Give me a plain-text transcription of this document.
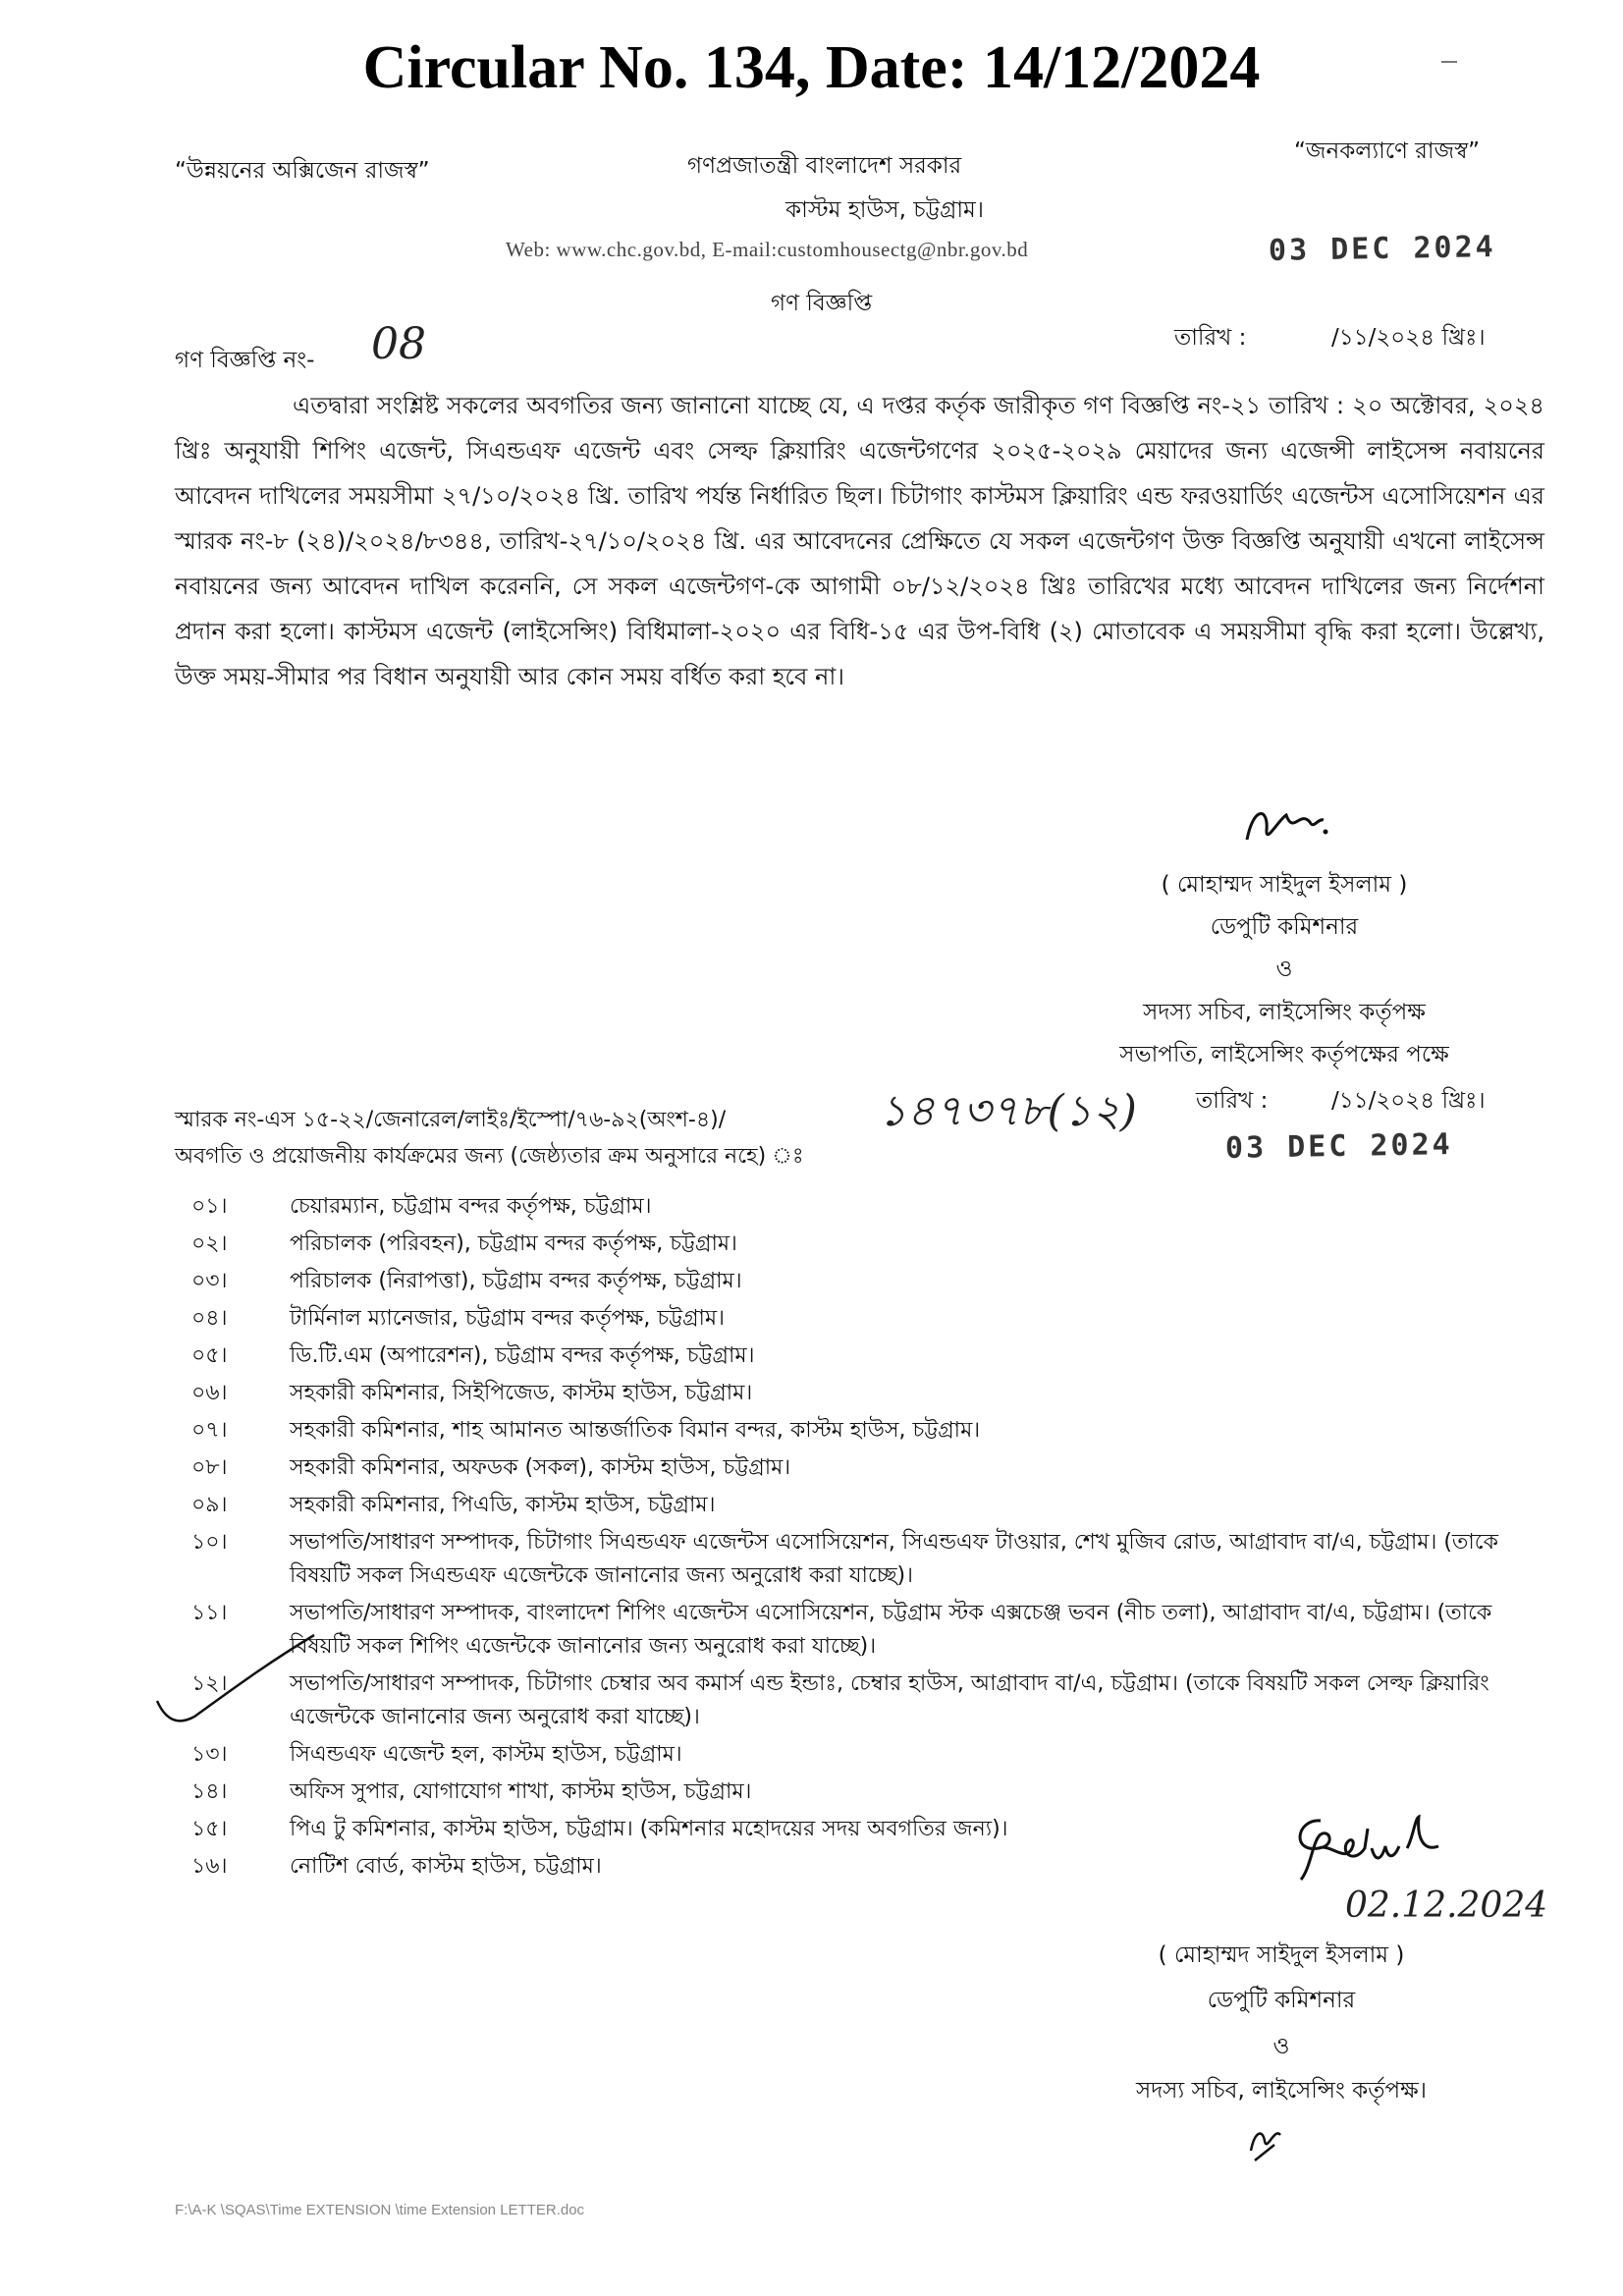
Circular No. 134, Date: 14/12/2024
“উন্নয়নের অক্সিজেন রাজস্ব”	গণপ্রজাতন্ত্রী বাংলাদেশ সরকার
কাস্টম হাউস, চট্টগ্রাম।
“জনকল্যাণে রাজস্ব”
Web: www.chc.gov.bd, E-mail:customhousectg@nbr.gov.bd	03 DEC 2024
গণ বিজ্ঞপ্তি
গণ বিজ্ঞপ্তি নং- 08	তারিখ :	/১১/২০২৪ খ্রিঃ।
এতদ্বারা সংশ্লিষ্ট সকলের অবগতির জন্য জানানো যাচ্ছে যে, এ দপ্তর কর্তৃক জারীকৃত গণ বিজ্ঞপ্তি নং-২১ তারিখ : ২০ অক্টোবর, ২০২৪ খ্রিঃ অনুযায়ী শিপিং এজেন্ট, সিএন্ডএফ এজেন্ট এবং সেল্ফ ক্লিয়ারিং এজেন্টগণের ২০২৫-২০২৯ মেয়াদের জন্য এজেন্সী লাইসেন্স নবায়নের আবেদন দাখিলের সময়সীমা ২৭/১০/২০২৪ খ্রি. তারিখ পর্যন্ত নির্ধারিত ছিল। চিটাগাং কাস্টমস ক্লিয়ারিং এন্ড ফরওয়ার্ডিং এজেন্টস এসোসিয়েশন এর স্মারক নং-৮ (২৪)/২০২৪/৮৩৪৪, তারিখ-২৭/১০/২০২৪ খ্রি. এর আবেদনের প্রেক্ষিতে যে সকল এজেন্টগণ উক্ত বিজ্ঞপ্তি অনুযায়ী এখনো লাইসেন্স নবায়নের জন্য আবেদন দাখিল করেননি, সে সকল এজেন্টগণ-কে আগামী ০৮/১২/২০২৪ খ্রিঃ তারিখের মধ্যে আবেদন দাখিলের জন্য নির্দেশনা প্রদান করা হলো। কাস্টমস এজেন্ট (লাইসেন্সিং) বিধিমালা-২০২০ এর বিধি-১৫ এর উপ-বিধি (২) মোতাবেক এ সময়সীমা বৃদ্ধি করা হলো। উল্লেখ্য, উক্ত সময়-সীমার পর বিধান অনুযায়ী আর কোন সময় বর্ধিত করা হবে না।
( মোহাম্মদ সাইদুল ইসলাম )
ডেপুটি কমিশনার
ও
সদস্য সচিব, লাইসেন্সিং কর্তৃপক্ষ
সভাপতি, লাইসেন্সিং কর্তৃপক্ষের পক্ষে
স্মারক নং-এস ১৫-২২/জেনারেল/লাইঃ/ইস্পো/৭৬-৯২(অংশ-৪)/	১৪৭৩৭৮(১২)	তারিখ :	/১১/২০২৪ খ্রিঃ।
03 DEC 2024
অবগতি ও প্রয়োজনীয় কার্যক্রমের জন্য (জেষ্ঠ্যতার ক্রম অনুসারে নহে) ঃ
০১।	চেয়ারম্যান, চট্টগ্রাম বন্দর কর্তৃপক্ষ, চট্টগ্রাম।
০২।	পরিচালক (পরিবহন), চট্টগ্রাম বন্দর কর্তৃপক্ষ, চট্টগ্রাম।
০৩।	পরিচালক (নিরাপত্তা), চট্টগ্রাম বন্দর কর্তৃপক্ষ, চট্টগ্রাম।
০৪।	টার্মিনাল ম্যানেজার, চট্টগ্রাম বন্দর কর্তৃপক্ষ, চট্টগ্রাম।
০৫।	ডি.টি.এম (অপারেশন), চট্টগ্রাম বন্দর কর্তৃপক্ষ, চট্টগ্রাম।
০৬।	সহকারী কমিশনার, সিইপিজেড, কাস্টম হাউস, চট্টগ্রাম।
০৭।	সহকারী কমিশনার, শাহ আমানত আন্তর্জাতিক বিমান বন্দর, কাস্টম হাউস, চট্টগ্রাম।
০৮।	সহকারী কমিশনার, অফডক (সকল), কাস্টম হাউস, চট্টগ্রাম।
০৯।	সহকারী কমিশনার, পিএডি, কাস্টম হাউস, চট্টগ্রাম।
১০।	সভাপতি/সাধারণ সম্পাদক, চিটাগাং সিএন্ডএফ এজেন্টস এসোসিয়েশন, সিএন্ডএফ টাওয়ার, শেখ মুজিব রোড, আগ্রাবাদ বা/এ, চট্টগ্রাম। (তাকে বিষয়টি সকল সিএন্ডএফ এজেন্টকে জানানোর জন্য অনুরোধ করা যাচ্ছে)।
১১।	সভাপতি/সাধারণ সম্পাদক, বাংলাদেশ শিপিং এজেন্টস এসোসিয়েশন, চট্টগ্রাম স্টক এক্সচেঞ্জ ভবন (নীচ তলা), আগ্রাবাদ বা/এ, চট্টগ্রাম। (তাকে বিষয়টি সকল শিপিং এজেন্টকে জানানোর জন্য অনুরোধ করা যাচ্ছে)।
১২।	সভাপতি/সাধারণ সম্পাদক, চিটাগাং চেম্বার অব কমার্স এন্ড ইন্ডাঃ, চেম্বার হাউস, আগ্রাবাদ বা/এ, চট্টগ্রাম। (তাকে বিষয়টি সকল সেল্ফ ক্লিয়ারিং এজেন্টকে জানানোর জন্য অনুরোধ করা যাচ্ছে)।
১৩।	সিএন্ডএফ এজেন্ট হল, কাস্টম হাউস, চট্টগ্রাম।
১৪।	অফিস সুপার, যোগাযোগ শাখা, কাস্টম হাউস, চট্টগ্রাম।
১৫।	পিএ টু কমিশনার, কাস্টম হাউস, চট্টগ্রাম। (কমিশনার মহোদয়ের সদয় অবগতির জন্য)।
১৬।	নোটিশ বোর্ড, কাস্টম হাউস, চট্টগ্রাম।
02.12.2024
( মোহাম্মদ সাইদুল ইসলাম )
ডেপুটি কমিশনার
ও
সদস্য সচিব, লাইসেন্সিং কর্তৃপক্ষ।
F:\A-K \SQAS\Time EXTENSION \time Extension LETTER.doc
